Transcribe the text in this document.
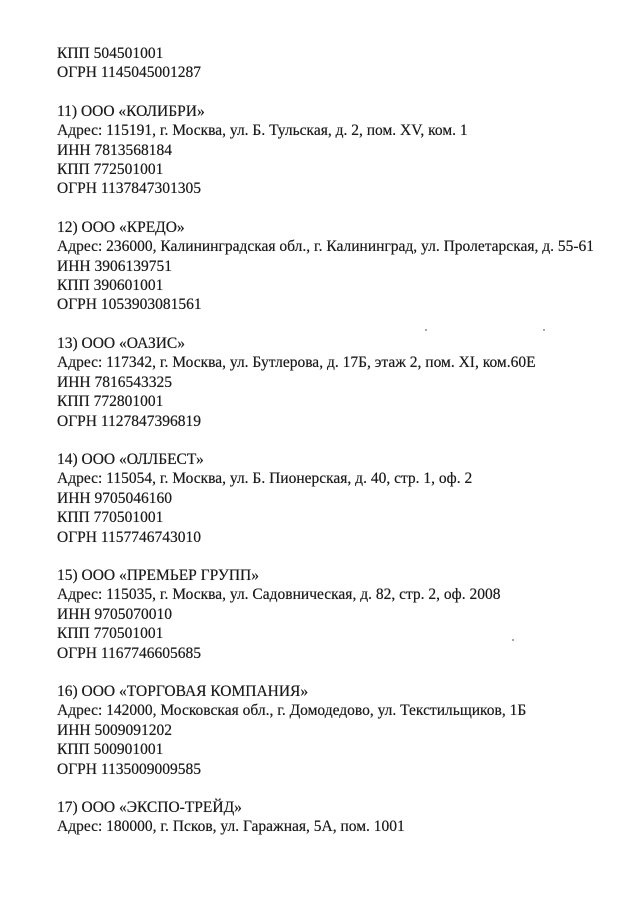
КПП 504501001
ОГРН 1145045001287
11) ООО «КОЛИБРИ»
Адрес: 115191, г. Москва, ул. Б. Тульская, д. 2, пом. XV, ком. 1
ИНН 7813568184
КПП 772501001
ОГРН 1137847301305
12) ООО «КРЕДО»
Адрес: 236000, Калининградская обл., г. Калининград, ул. Пролетарская, д. 55-61
ИНН 3906139751
КПП 390601001
ОГРН 1053903081561
13) ООО «ОАЗИС»
Адрес: 117342, г. Москва, ул. Бутлерова, д. 17Б, этаж 2, пом. XI, ком.60Е
ИНН 7816543325
КПП 772801001
ОГРН 1127847396819
14) ООО «ОЛЛБЕСТ»
Адрес: 115054, г. Москва, ул. Б. Пионерская, д. 40, стр. 1, оф. 2
ИНН 9705046160
КПП 770501001
ОГРН 1157746743010
15) ООО «ПРЕМЬЕР ГРУПП»
Адрес: 115035, г. Москва, ул. Садовническая, д. 82, стр. 2, оф. 2008
ИНН 9705070010
КПП 770501001
ОГРН 1167746605685
16) ООО «ТОРГОВАЯ КОМПАНИЯ»
Адрес: 142000, Московская обл., г. Домодедово, ул. Текстильщиков, 1Б
ИНН 5009091202
КПП 500901001
ОГРН 1135009009585
17) ООО «ЭКСПО-ТРЕЙД»
Адрес: 180000, г. Псков, ул. Гаражная, 5А, пом. 1001
